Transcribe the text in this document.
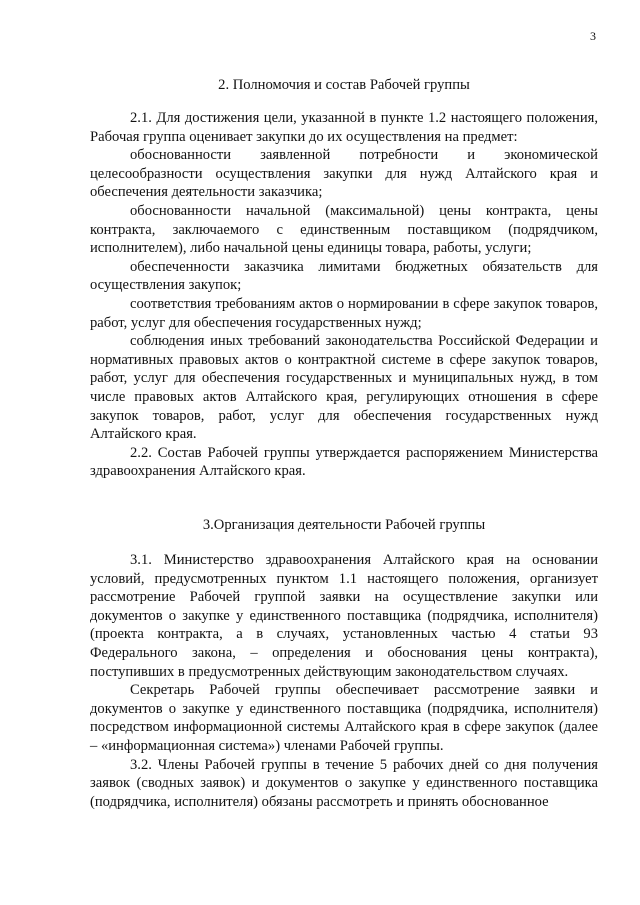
3
2. Полномочия и состав Рабочей группы

2.1. Для достижения цели, указанной в пункте 1.2 настоящего положения, Рабочая группа оценивает закупки до их осуществления на предмет:

обоснованности заявленной потребности и экономической целесообразности осуществления закупки для нужд Алтайского края и обеспечения деятельности заказчика;

обоснованности начальной (максимальной) цены контракта, цены контракта, заключаемого с единственным поставщиком (подрядчиком, исполнителем), либо начальной цены единицы товара, работы, услуги;

обеспеченности заказчика лимитами бюджетных обязательств для осуществления закупок;

соответствия требованиям актов о нормировании в сфере закупок товаров, работ, услуг для обеспечения государственных нужд;

соблюдения иных требований законодательства Российской Федерации и нормативных правовых актов о контрактной системе в сфере закупок товаров, работ, услуг для обеспечения государственных и муниципальных нужд, в том числе правовых актов Алтайского края, регулирующих отношения в сфере закупок товаров, работ, услуг для обеспечения государственных нужд Алтайского края.

2.2. Состав Рабочей группы утверждается распоряжением Министерства здравоохранения Алтайского края.

3.Организация деятельности Рабочей группы

3.1. Министерство здравоохранения Алтайского края на основании условий, предусмотренных пунктом 1.1 настоящего положения, организует рассмотрение Рабочей группой заявки на осуществление закупки или документов о закупке у единственного поставщика (подрядчика, исполнителя) (проекта контракта, а в случаях, установленных частью 4 статьи 93 Федерального закона, – определения и обоснования цены контракта), поступивших в предусмотренных действующим законодательством случаях.

Секретарь Рабочей группы обеспечивает рассмотрение заявки и документов о закупке у единственного поставщика (подрядчика, исполнителя) посредством информационной системы Алтайского края в сфере закупок (далее – «информационная система») членами Рабочей группы.

3.2. Члены Рабочей группы в течение 5 рабочих дней со дня получения заявок (сводных заявок) и документов о закупке у единственного поставщика (подрядчика, исполнителя) обязаны рассмотреть и принять обоснованное
